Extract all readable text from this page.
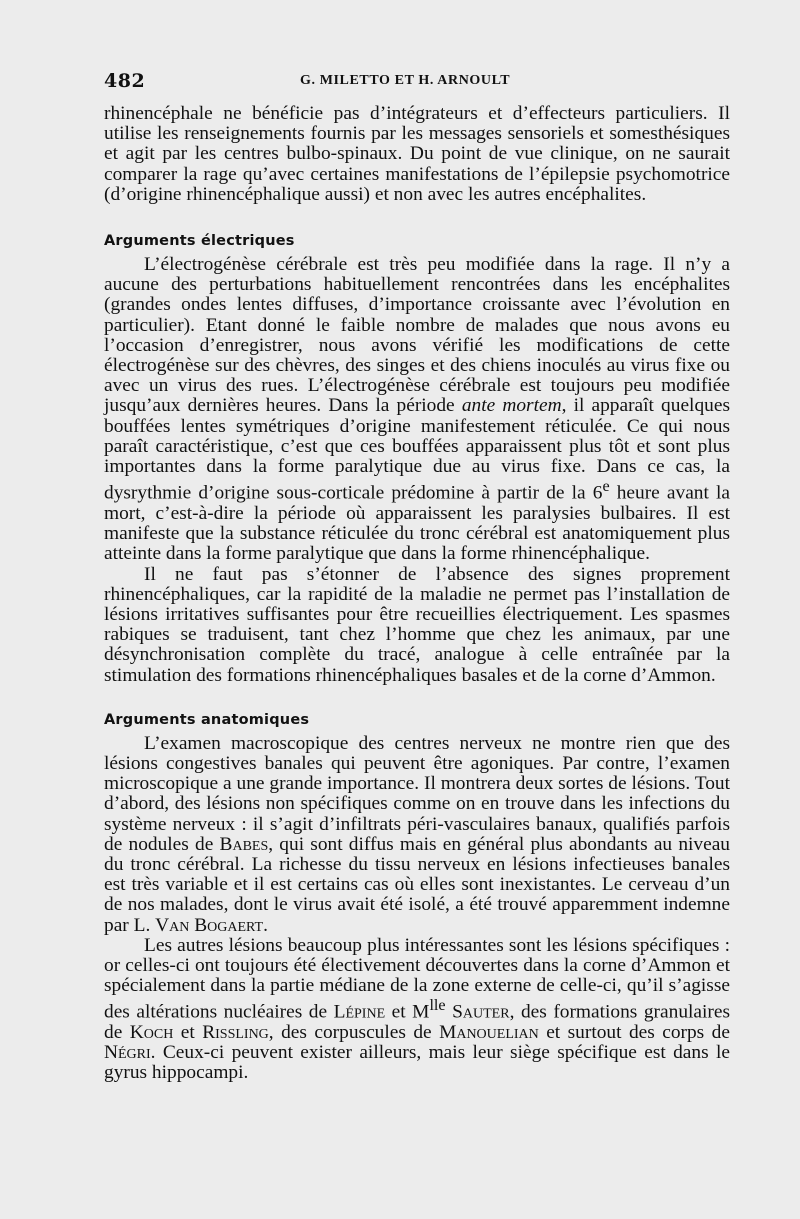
482	G. MILETTO ET H. ARNOULT

rhinencéphale ne bénéficie pas d’intégrateurs et d’effecteurs particuliers. Il utilise les renseignements fournis par les messages sensoriels et somesthésiques et agit par les centres bulbo-spinaux. Du point de vue clinique, on ne saurait comparer la rage qu’avec certaines manifestations de l’épilepsie psychomotrice (d’origine rhinencéphalique aussi) et non avec les autres encéphalites.

Arguments électriques

L’électrogénèse cérébrale est très peu modifiée dans la rage. Il n’y a aucune des perturbations habituellement rencontrées dans les encéphalites (grandes ondes lentes diffuses, d’importance croissante avec l’évolution en particulier). Etant donné le faible nombre de malades que nous avons eu l’occasion d’enregistrer, nous avons vérifié les modifications de cette électrogénèse sur des chèvres, des singes et des chiens inoculés au virus fixe ou avec un virus des rues. L’électrogénèse cérébrale est toujours peu modifiée jusqu’aux dernières heures. Dans la période ante mortem, il apparaît quelques bouffées lentes symétriques d’origine manifestement réticulée. Ce qui nous paraît caractéristique, c’est que ces bouffées apparaissent plus tôt et sont plus importantes dans la forme paralytique due au virus fixe. Dans ce cas, la dysrythmie d’origine sous-corticale prédomine à partir de la 6e heure avant la mort, c’est-à-dire la période où apparaissent les paralysies bulbaires. Il est manifeste que la substance réticulée du tronc cérébral est anatomiquement plus atteinte dans la forme paralytique que dans la forme rhinencéphalique.

Il ne faut pas s’étonner de l’absence des signes proprement rhinencéphaliques, car la rapidité de la maladie ne permet pas l’installation de lésions irritatives suffisantes pour être recueillies électriquement. Les spasmes rabiques se traduisent, tant chez l’homme que chez les animaux, par une désynchronisation complète du tracé, analogue à celle entraînée par la stimulation des formations rhinencéphaliques basales et de la corne d’Ammon.

Arguments anatomiques

L’examen macroscopique des centres nerveux ne montre rien que des lésions congestives banales qui peuvent être agoniques. Par contre, l’examen microscopique a une grande importance. Il montrera deux sortes de lésions. Tout d’abord, des lésions non spécifiques comme on en trouve dans les infections du système nerveux : il s’agit d’infiltrats péri-vasculaires banaux, qualifiés parfois de nodules de Babes, qui sont diffus mais en général plus abondants au niveau du tronc cérébral. La richesse du tissu nerveux en lésions infectieuses banales est très variable et il est certains cas où elles sont inexistantes. Le cerveau d’un de nos malades, dont le virus avait été isolé, a été trouvé apparemment indemne par L. Van Bogaert.

Les autres lésions beaucoup plus intéressantes sont les lésions spécifiques : or celles-ci ont toujours été électivement découvertes dans la corne d’Ammon et spécialement dans la partie médiane de la zone externe de celle-ci, qu’il s’agisse des altérations nucléaires de Lépine et $M^{lle}$ Sauter, des formations granulaires de Koch et Rissling, des corpuscules de Manouelian et surtout des corps de Négri. Ceux-ci peuvent exister ailleurs, mais leur siège spécifique est dans le gyrus hippocampi.
